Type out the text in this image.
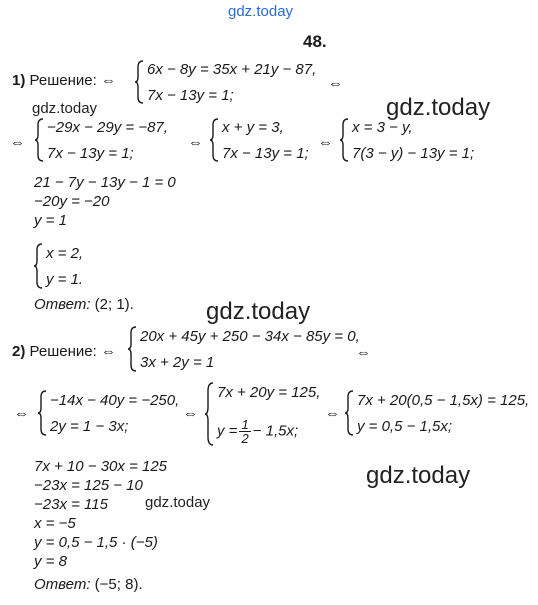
gdz.today
gdz.today	gdz.today
gdz.today
gdz.today
gdz.today
48.
1) Решение: ⇔
6x − 8y = 35x + 21y − 87,
7x − 13y = 1;
⇔
⇔
−29x − 29y = −87,
7x − 13y = 1;
⇔
x + y = 3,
7x − 13y = 1;
⇔
x = 3 − y,
7(3 − y) − 13y = 1;
21 − 7y − 13y − 1 = 0
−20y = −20
y = 1
x = 2,
y = 1.
Ответ: (2; 1).
2) Решение: ⇔
20x + 45y + 250 − 34x − 85y = 0,
3x + 2y = 1
⇔
⇔
−14x − 40y = −250,
2y = 1 − 3x;
⇔
7x + 20y = 125,
$y = \frac{1}{2} - 1,5x$;
⇔
7x + 20(0,5 − 1,5x) = 125,
y = 0,5 − 1,5x;
7x + 10 − 30x = 125
−23x = 125 − 10
−23x = 115
x = −5
y = 0,5 − 1,5 · (−5)
y = 8
Ответ: (−5; 8).
